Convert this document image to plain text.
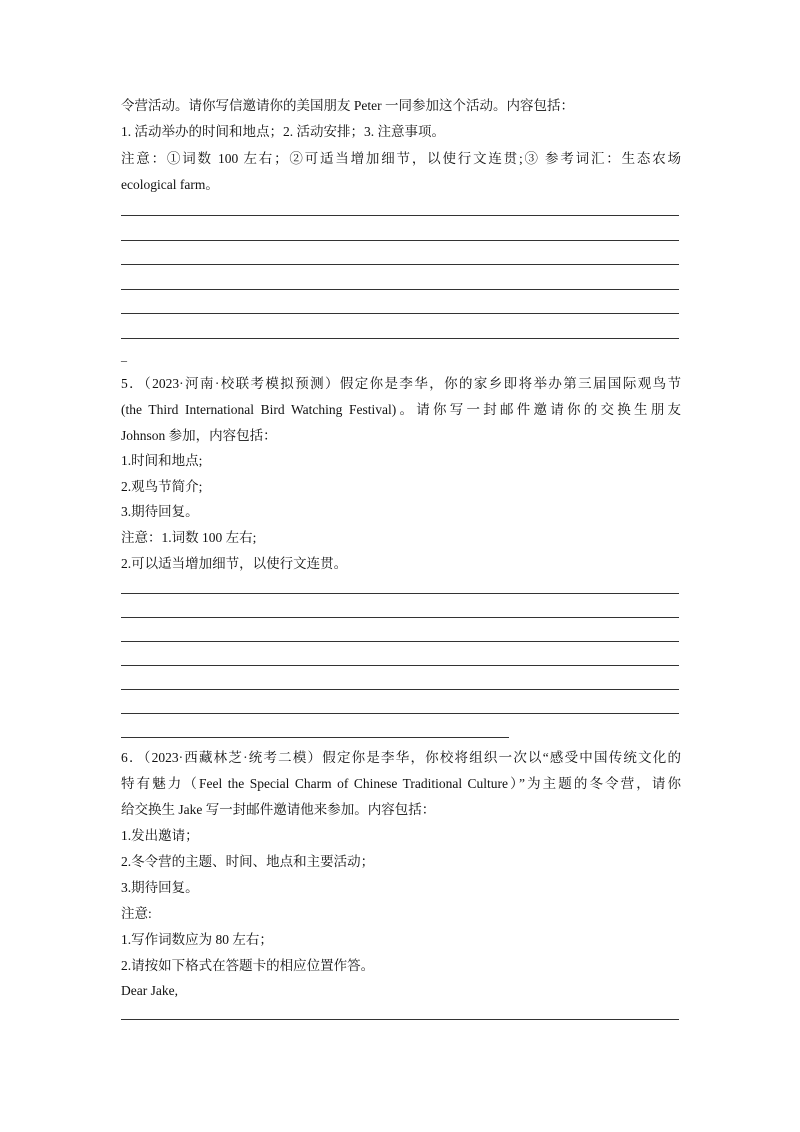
令营活动。请你写信邀请你的美国朋友 Peter 一同参加这个活动。内容包括：
1. 活动举办的时间和地点；2. 活动安排；3. 注意事项。
注意：①词数 100 左右；②可适当增加细节，以使行文连贯;③ 参考词汇：生态农场
ecological farm。
_
5．（2023·河南·校联考模拟预测）假定你是李华，你的家乡即将举办第三届国际观鸟节
(the Third International Bird Watching Festival)。请你写一封邮件邀请你的交换生朋友
Johnson 参加，内容包括：
1.时间和地点;
2.观鸟节简介;
3.期待回复。
注意：1.词数 100 左右;
2.可以适当增加细节，以使行文连贯。
6．（2023·西藏林芝·统考二模）假定你是李华，你校将组织一次以“感受中国传统文化的
特有魅力（Feel the Special Charm of Chinese Traditional Culture）”为主题的冬令营，请你
给交换生 Jake 写一封邮件邀请他来参加。内容包括：
1.发出邀请；
2.冬令营的主题、时间、地点和主要活动；
3.期待回复。
注意:
1.写作词数应为 80 左右；
2.请按如下格式在答题卡的相应位置作答。
Dear Jake,
